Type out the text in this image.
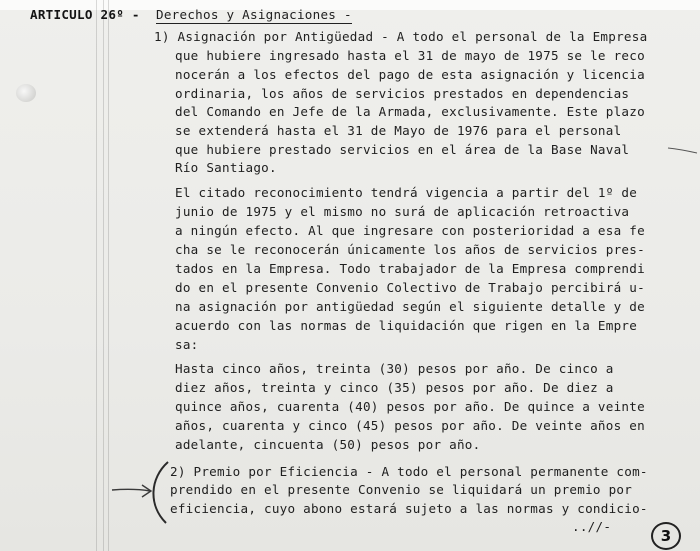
ARTICULO 26º - Derechos y Asignaciones -
1) Asignación por Antigüedad - A todo el personal de la Empresa
que hubiere ingresado hasta el 31 de mayo de 1975 se le reco
nocerán a los efectos del pago de esta asignación y licencia
ordinaria, los años de servicios prestados en dependencias
del Comando en Jefe de la Armada, exclusivamente. Este plazo
se extenderá hasta el 31 de Mayo de 1976 para el personal
que hubiere prestado servicios en el área de la Base Naval
Río Santiago.
El citado reconocimiento tendrá vigencia a partir del 1º de
junio de 1975 y el mismo no surá de aplicación retroactiva
a ningún efecto. Al que ingresare con posterioridad a esa fe
cha se le reconocerán únicamente los años de servicios pres-
tados en la Empresa. Todo trabajador de la Empresa comprendi
do en el presente Convenio Colectivo de Trabajo percibirá u-
na asignación por antigüedad según el siguiente detalle y de
acuerdo con las normas de liquidación que rigen en la Empre
sa:
Hasta cinco años, treinta (30) pesos por año. De cinco a
diez años, treinta y cinco (35) pesos por año. De diez a
quince años, cuarenta (40) pesos por año. De quince a veinte
años, cuarenta y cinco (45) pesos por año. De veinte años en
adelante, cincuenta (50) pesos por año.
2) Premio por Eficiencia - A todo el personal permanente com-
prendido en el presente Convenio se liquidará un premio por
eficiencia, cuyo abono estará sujeto a las normas y condicio-
..//-
3
